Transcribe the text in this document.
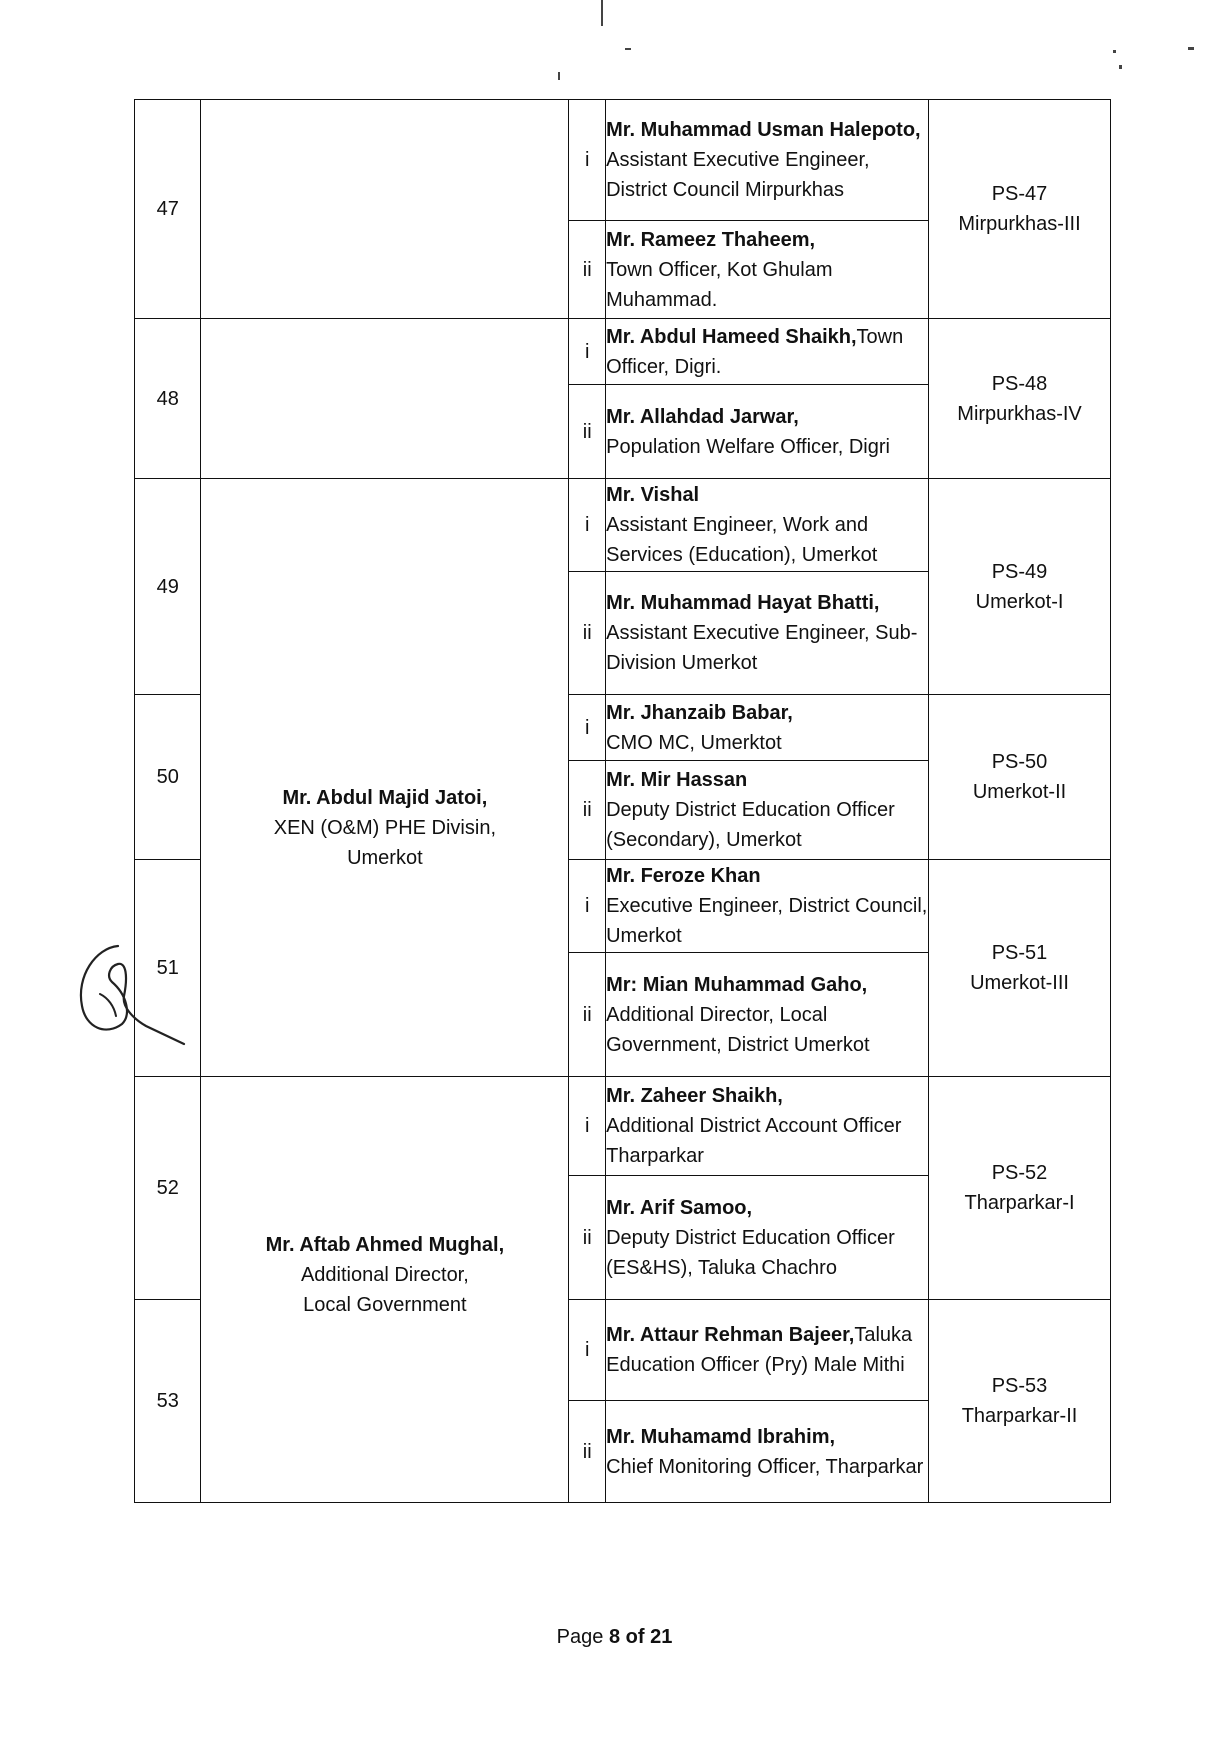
47		i	Mr. Muhammad Usman Halepoto,
Assistant Executive Engineer, District Council Mirpurkhas	PS-47
Mirpurkhas-III
		ii	Mr. Rameez Thaheem,
Town Officer, Kot Ghulam Muhammad.	
48		i	Mr. Abdul Hameed Shaikh,Town Officer, Digri.	PS-48
Mirpurkhas-IV
		ii	Mr. Allahdad Jarwar,
Population Welfare Officer, Digri	
49	Mr. Abdul Majid Jatoi,
XEN (O&M) PHE Divisin,
Umerkot	i	Mr. Vishal
Assistant Engineer, Work and Services (Education), Umerkot	PS-49
Umerkot-I
		ii	Mr. Muhammad Hayat Bhatti,
Assistant Executive Engineer, Sub-Division Umerkot	
50		i	Mr. Jhanzaib Babar,
CMO MC, Umerktot	PS-50
Umerkot-II
		ii	Mr. Mir Hassan
Deputy District Education Officer (Secondary), Umerkot	
51		i	Mr. Feroze Khan
Executive Engineer, District Council, Umerkot	PS-51
Umerkot-III
		ii	Mr: Mian Muhammad Gaho,
Additional Director, Local Government, District Umerkot	
52	Mr. Aftab Ahmed Mughal,
Additional Director,
Local Government	i	Mr. Zaheer Shaikh,
Additional District Account Officer Tharparkar	PS-52
Tharparkar-I
		ii	Mr. Arif Samoo,
Deputy District Education Officer (ES&HS), Taluka Chachro	
53		i	Mr. Attaur Rehman Bajeer,Taluka Education Officer (Pry) Male Mithi	PS-53
Tharparkar-II
		ii	Mr. Muhamamd Ibrahim,
Chief Monitoring Officer, Tharparkar	
Page 8 of 21
